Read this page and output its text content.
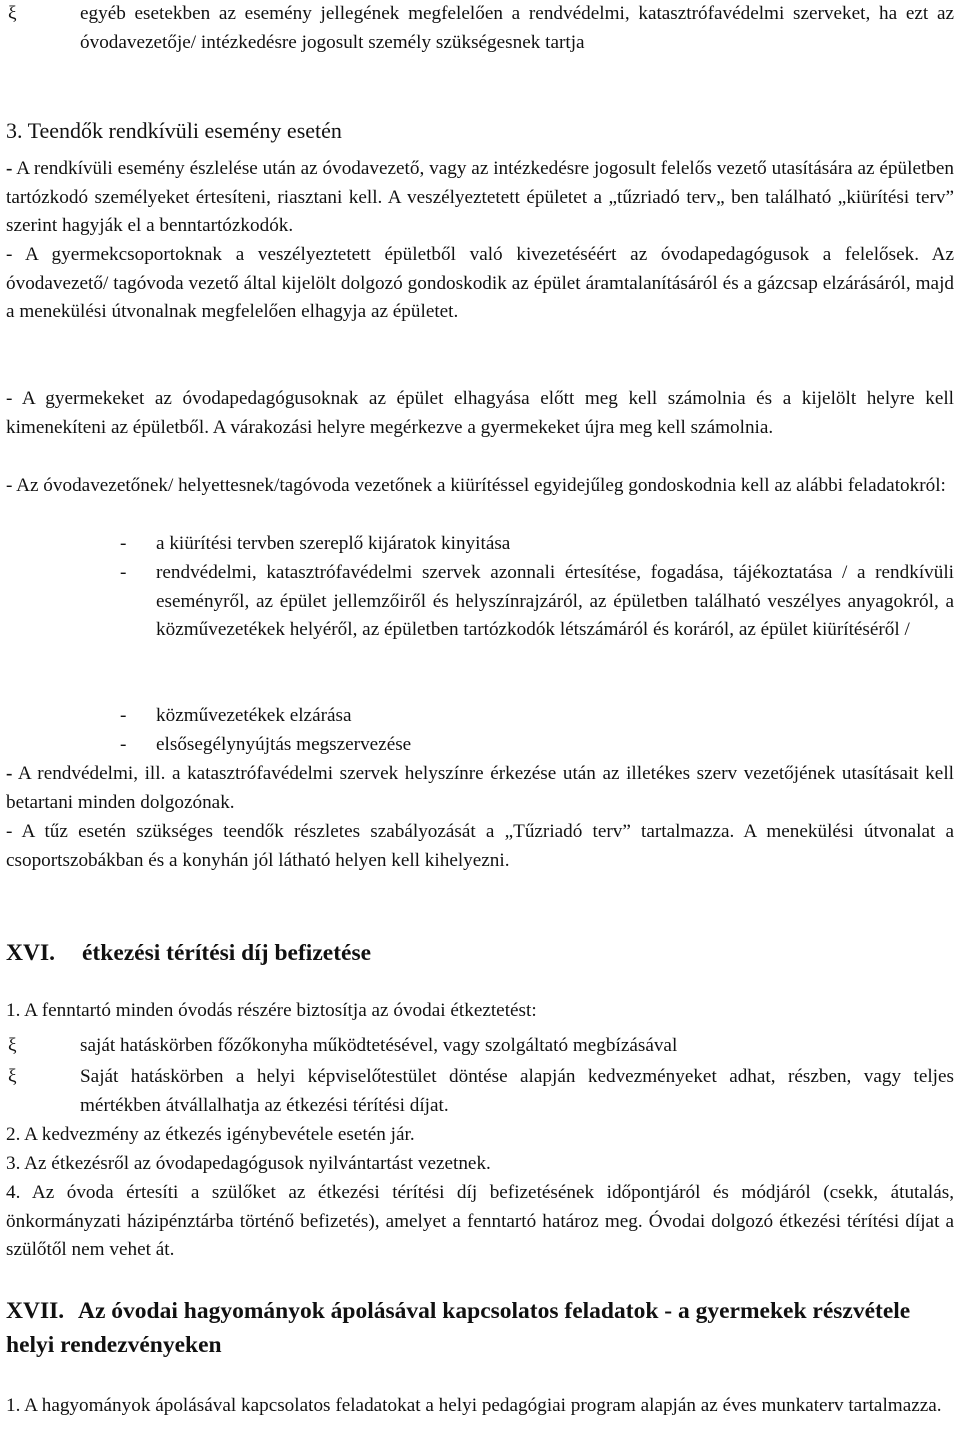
ξ	egyéb esetekben az esemény jellegének megfelelően a rendvédelmi, katasztrófavédelmi szerveket, ha ezt az óvodavezetője/ intézkedésre jogosult személy szükségesnek tartja

3. Teendők rendkívüli esemény esetén

- A rendkívüli esemény észlelése után az óvodavezető, vagy az intézkedésre jogosult felelős vezető utasítására az épületben tartózkodó személyeket értesíteni, riasztani kell. A veszélyeztetett épületet a „tűzriadó terv„ ben található „kiürítési terv” szerint hagyják el a benntartózkodók.

- A gyermekcsoportoknak a veszélyeztetett épületből való kivezetéséért az óvodapedagógusok a felelősek. Az óvodavezető/ tagóvoda vezető által kijelölt dolgozó gondoskodik az épület áramtalanításáról és a gázcsap elzárásáról, majd a menekülési útvonalnak megfelelően elhagyja az épületet.

- A gyermekeket az óvodapedagógusoknak az épület elhagyása előtt meg kell számolnia és a kijelölt helyre kell kimenekíteni az épületből. A várakozási helyre megérkezve a gyermekeket újra meg kell számolnia.

- Az óvodavezetőnek/ helyettesnek/tagóvoda vezetőnek a kiürítéssel egyidejűleg gondoskodnia kell az alábbi feladatokról:

- a kiürítési tervben szereplő kijáratok kinyitása
- rendvédelmi, katasztrófavédelmi szervek azonnali értesítése, fogadása, tájékoztatása / a rendkívüli eseményről, az épület jellemzőiről és helyszínrajzáról, az épületben található veszélyes anyagokról, a közművezetékek helyéről, az épületben tartózkodók létszámáról és koráról, az épület kiürítéséről /
- közművezetékek elzárása
- elsősegélynyújtás megszervezése

- A rendvédelmi, ill. a katasztrófavédelmi szervek helyszínre érkezése után az illetékes szerv vezetőjének utasításait kell betartani minden dolgozónak.

- A tűz esetén szükséges teendők részletes szabályozását a „Tűzriadó terv” tartalmazza. A menekülési útvonalat a csoportszobákban és a konyhán jól látható helyen kell kihelyezni.

XVI. étkezési térítési díj befizetése

1. A fenntartó minden óvodás részére biztosítja az óvodai étkeztetést:

ξ	saját hatáskörben főzőkonyha működtetésével, vagy szolgáltató megbízásával
ξ	Saját hatáskörben a helyi képviselőtestület döntése alapján kedvezményeket adhat, részben, vagy teljes mértékben átvállalhatja az étkezési térítési díjat.

2. A kedvezmény az étkezés igénybevétele esetén jár.

3. Az étkezésről az óvodapedagógusok nyilvántartást vezetnek.

4. Az óvoda értesíti a szülőket az étkezési térítési díj befizetésének időpontjáról és módjáról (csekk, átutalás, önkormányzati házipénztárba történő befizetés), amelyet a fenntartó határoz meg. Óvodai dolgozó étkezési térítési díjat a szülőtől nem vehet át.

XVII. Az óvodai hagyományok ápolásával kapcsolatos feladatok - a gyermekek részvétele helyi rendezvényeken

1. A hagyományok ápolásával kapcsolatos feladatokat a helyi pedagógiai program alapján az éves munkaterv tartalmazza.
